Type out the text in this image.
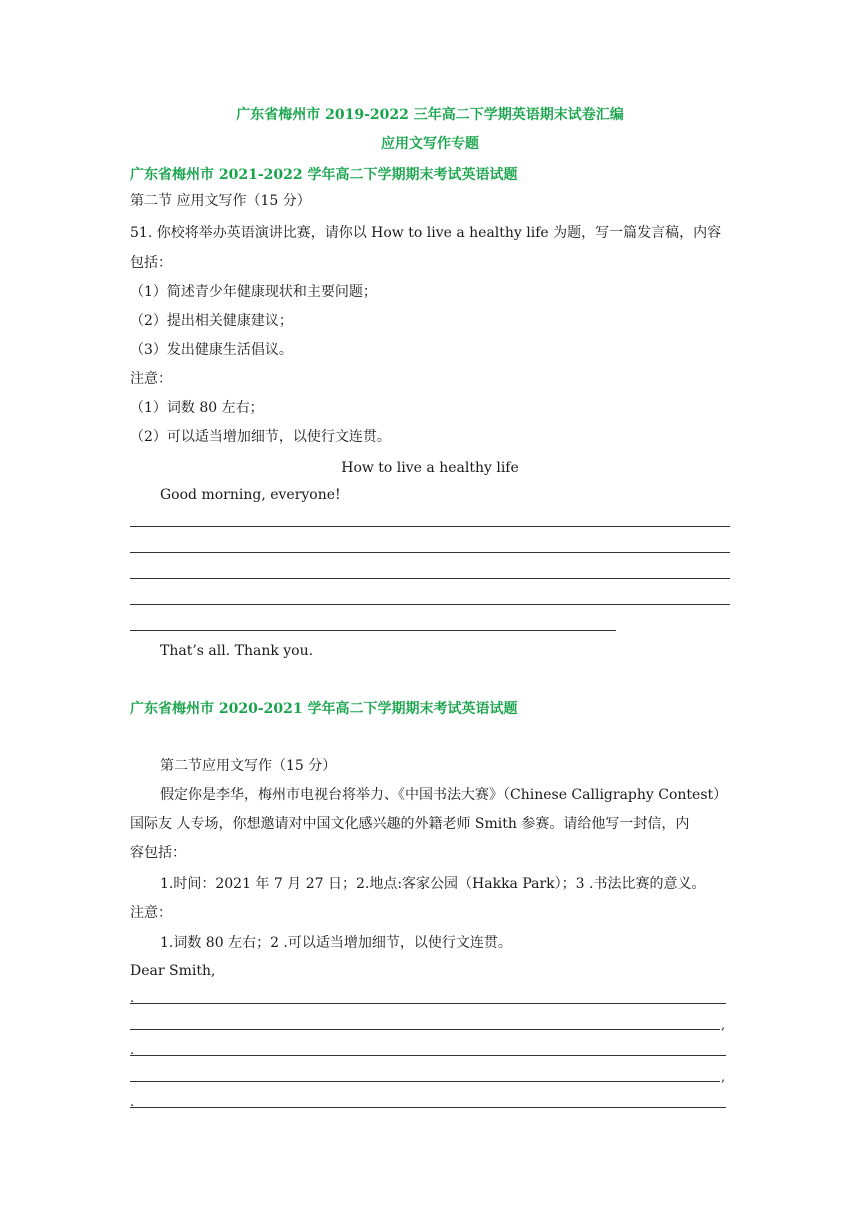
广东省梅州市 2019-2022 三年高二下学期英语期末试卷汇编
应用文写作专题
广东省梅州市 2021-2022 学年高二下学期期末考试英语试题
第二节 应用文写作（15 分）
51. 你校将举办英语演讲比赛，请你以 How to live a healthy life 为题，写一篇发言稿，内容
包括：
（1）简述青少年健康现状和主要问题；
（2）提出相关健康建议；
（3）发出健康生活倡议。
注意：
（1）词数 80 左右；
（2）可以适当增加细节，以使行文连贯。
How to live a healthy life
Good morning, everyone!
That’s all. Thank you.
广东省梅州市 2020-2021 学年高二下学期期末考试英语试题
第二节应用文写作（15 分）
假定你是李华，梅州市电视台将举力、《中国书法大赛》（Chinese Calligraphy Contest）
国际友 人专场，你想邀请对中国文化感兴趣的外籍老师 Smith 参赛。请给他写一封信，内
容包括：
1.时间：2021 年 7 月 27 日；2.地点:客家公园（Hakka Park）；3 .书法比赛的意义。
注意：
1.词数 80 左右；2 .可以适当增加细节，以使行文连贯。
Dear Smith,
.
,
.
,
.
